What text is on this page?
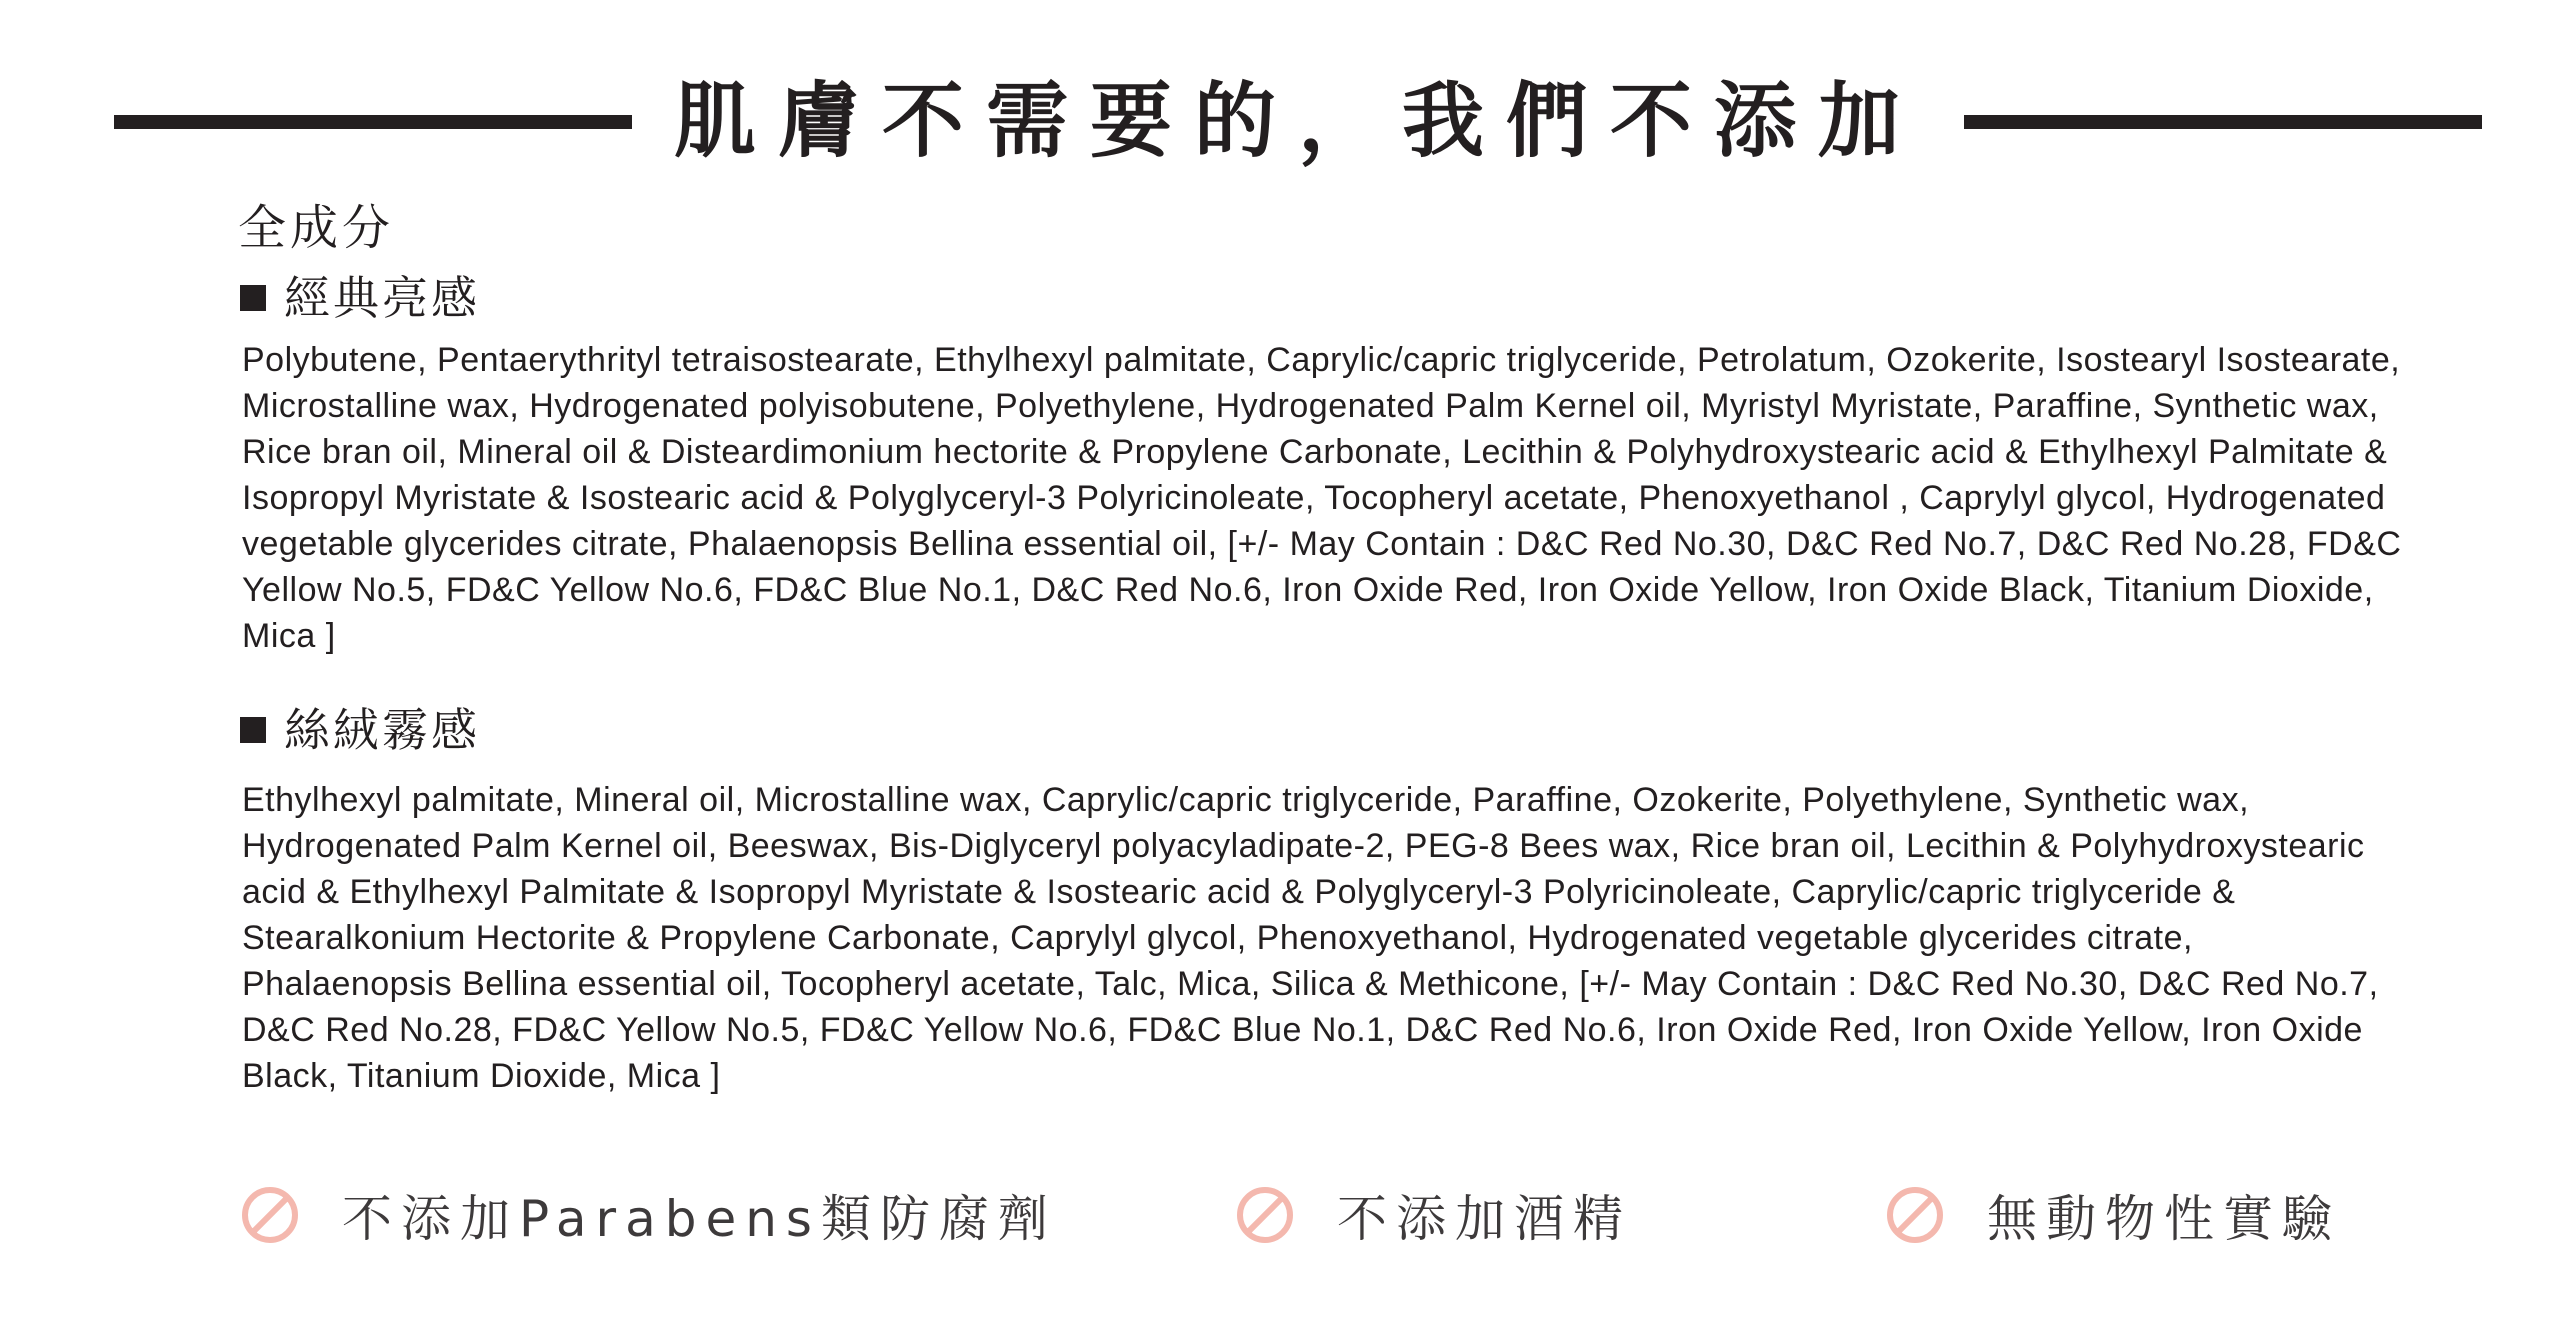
肌膚不需要的，我們不添加
全成分
經典亮感
Polybutene, Pentaerythrityl tetraisostearate, Ethylhexyl palmitate, Caprylic/capric triglyceride, Petrolatum, Ozokerite, Isostearyl Isostearate, Microstalline wax, Hydrogenated polyisobutene, Polyethylene, Hydrogenated Palm Kernel oil, Myristyl Myristate, Paraffine, Synthetic wax, Rice bran oil, Mineral oil & Disteardimonium hectorite & Propylene Carbonate, Lecithin & Polyhydroxystearic acid & Ethylhexyl Palmitate & Isopropyl Myristate & Isostearic acid & Polyglyceryl-3 Polyricinoleate, Tocopheryl acetate, Phenoxyethanol , Caprylyl glycol, Hydrogenated vegetable glycerides citrate, Phalaenopsis Bellina essential oil, [+/- May Contain : D&C Red No.30, D&C Red No.7, D&C Red No.28, FD&C Yellow No.5, FD&C Yellow No.6, FD&C Blue No.1, D&C Red No.6, Iron Oxide Red, Iron Oxide Yellow, Iron Oxide Black, Titanium Dioxide, Mica ]
絲絨霧感
Ethylhexyl palmitate, Mineral oil, Microstalline wax, Caprylic/capric triglyceride, Paraffine, Ozokerite, Polyethylene, Synthetic wax, Hydrogenated Palm Kernel oil, Beeswax, Bis-Diglyceryl polyacyladipate-2, PEG-8 Bees wax, Rice bran oil, Lecithin & Polyhydroxystearic acid & Ethylhexyl Palmitate & Isopropyl Myristate & Isostearic acid & Polyglyceryl-3 Polyricinoleate, Caprylic/capric triglyceride & Stearalkonium Hectorite & Propylene Carbonate, Caprylyl glycol, Phenoxyethanol, Hydrogenated vegetable glycerides citrate, Phalaenopsis Bellina essential oil, Tocopheryl acetate, Talc, Mica, Silica & Methicone, [+/- May Contain : D&C Red No.30, D&C Red No.7, D&C Red No.28, FD&C Yellow No.5, FD&C Yellow No.6, FD&C Blue No.1, D&C Red No.6, Iron Oxide Red, Iron Oxide Yellow, Iron Oxide Black, Titanium Dioxide, Mica ]
不添加Parabens類防腐劑	不添加酒精	無動物性實驗
